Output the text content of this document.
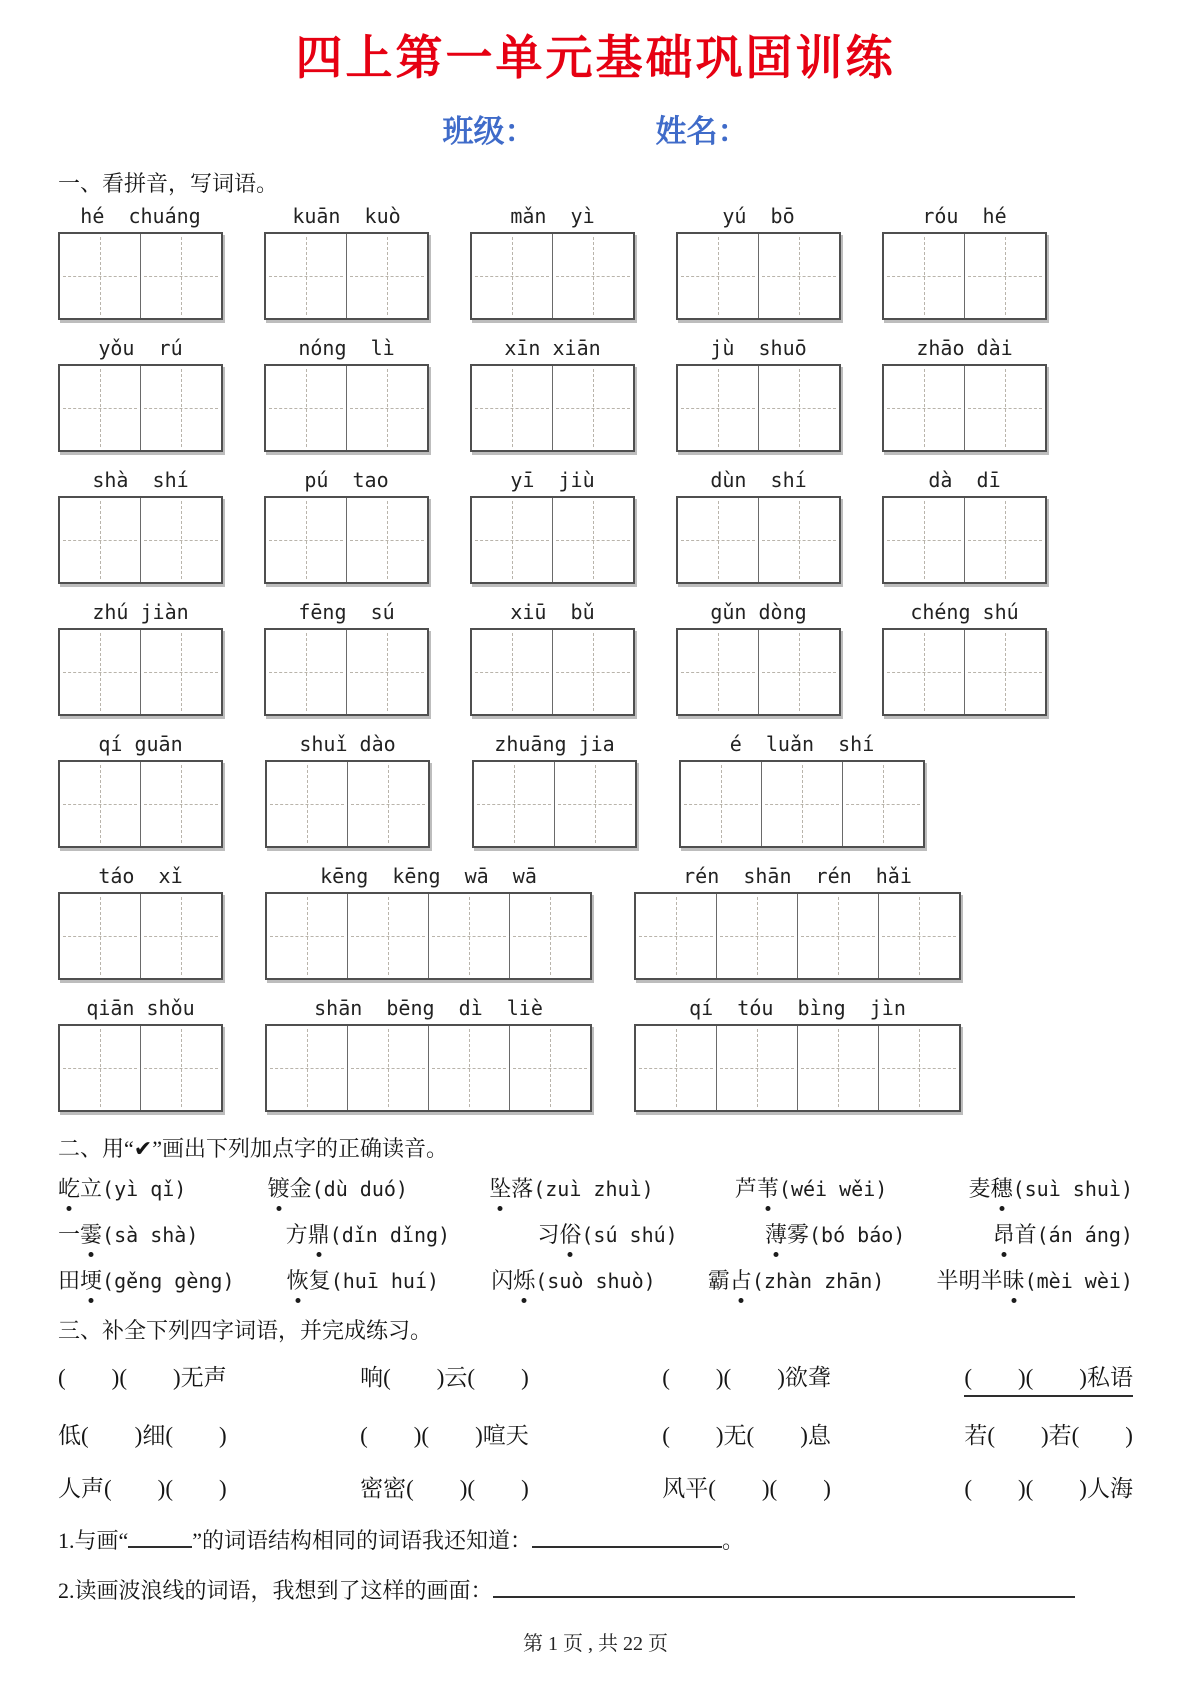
四上第一单元基础巩固训练
班级：	姓名：
一、看拼音，写词语。
hé  chuáng	kuān  kuò	mǎn  yì	yú  bō	róu  hé
yǒu  rú	nóng  lì	xīn xiān	jù  shuō	zhāo dài
shà  shí	pú  tao	yī  jiù	dùn  shí	dà  dī
zhú jiàn	fēng  sú	xiū  bǔ	gǔn dòng	chéng shú
qí guān	shuǐ dào	zhuāng jia	é  luǎn  shí
táo  xǐ	kēng  kēng  wā  wā	rén  shān  rén  hǎi
qiān shǒu	shān  bēng  dì  liè	qí  tóu  bìng  jìn
二、用“✔”画出下列加点字的正确读音。
屹立(yì qǐ)	镀金(dù duó)	坠落(zuì zhuì)	芦苇(wéi wěi)	麦穗(suì shuì)
一霎(sà shà)	方鼎(dǐn dǐng)	习俗(sú shú)	薄雾(bó báo)	昂首(án áng)
田埂(gěng gèng) 恢复(huī huí) 闪烁(suò shuò) 霸占(zhàn zhān) 半明半昧(mèi wèi)
三、补全下列四字词语，并完成练习。
(　　)(　　)无声	响(　　)云(　　)	(　　)(　　)欲聋	(　　)(　　)私语
低(　　)细(　　)	(　　)(　　)喧天	(　　)无(　　)息	若(　　)若(　　)
人声(　　)(　　)	密密(　　)(　　)	风平(　　)(　　)	(　　)(　　)人海
1.与画“	”的词语结构相同的词语我还知道：	。
2.读画波浪线的词语，我想到了这样的画面：
第 1 页 , 共 22 页
